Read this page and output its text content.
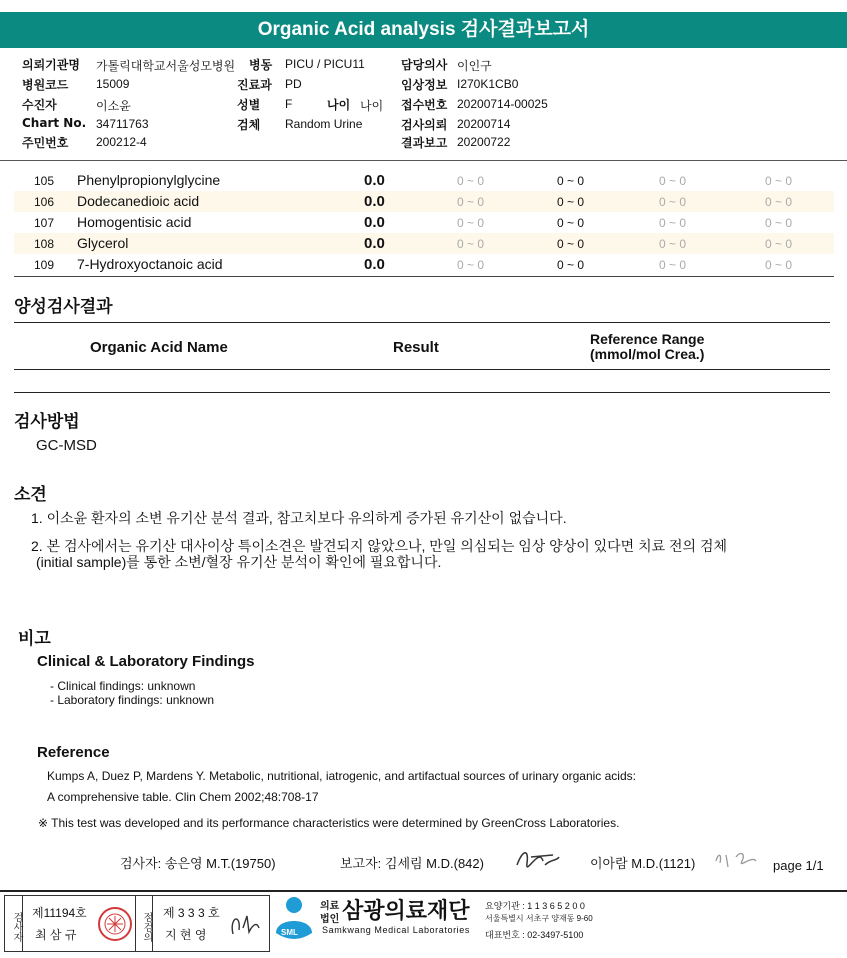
Organic Acid analysis 검사결과보고서
의뢰기관명 가톨릭대학교서울성모병원
병원코드 15009
수진자	이소윤
Chart No. 34711763
주민번호 200212-4
병동 PICU / PICU11
진료과 PD
성별 F	나이 나이
검체 Random Urine
담당의사 이인구
임상정보 I270K1CB0
접수번호 20200714-00025
검사의뢰 20200714
결과보고 20200722
105 Phenylpropionylglycine	0.0	0 ~ 0	0 ~ 0	0 ~ 0	0 ~ 0
106 Dodecanedioic acid	0.0	0 ~ 0	0 ~ 0	0 ~ 0	0 ~ 0
107 Homogentisic acid	0.0	0 ~ 0	0 ~ 0	0 ~ 0	0 ~ 0
108 Glycerol	0.0	0 ~ 0	0 ~ 0	0 ~ 0	0 ~ 0
109 7-Hydroxyoctanoic acid	0.0	0 ~ 0	0 ~ 0	0 ~ 0	0 ~ 0
양성검사결과
Organic Acid Name	Result	Reference Range
(mmol/mol Crea.)
검사방법
GC-MSD
소견
1. 이소윤 환자의 소변 유기산 분석 결과, 참고치보다 유의하게 증가된 유기산이 없습니다.
2. 본 검사에서는 유기산 대사이상 특이소견은 발견되지 않았으나, 만일 의심되는 임상 양상이 있다면 치료 전의 검체
(initial sample)를 통한 소변/혈장 유기산 분석이 확인에 필요합니다.
비고
Clinical & Laboratory Findings
- Clinical findings: unknown
- Laboratory findings: unknown
Reference
Kumps A, Duez P, Mardens Y. Metabolic, nutritional, iatrogenic, and artifactual sources of urinary organic acids:
A comprehensive table. Clin Chem 2002;48:708-17
※ This test was developed and its performance characteristics were determined by GreenCross Laboratories.
검사자: 송은영 M.T.(19750)	보고자: 김세림 M.D.(842)	이아람 M.D.(1121)	page 1/1
검사자 제11194호
최 삼 규	점검의 제 3 3 3 호
지 현 영	SML
의료
법인 삼광의료재단
Samkwang Medical Laboratories
요양기관 : 1 1 3 6 5 2 0 0
서울특별시 서초구 양재동 9-60
대표번호 : 02-3497-5100
